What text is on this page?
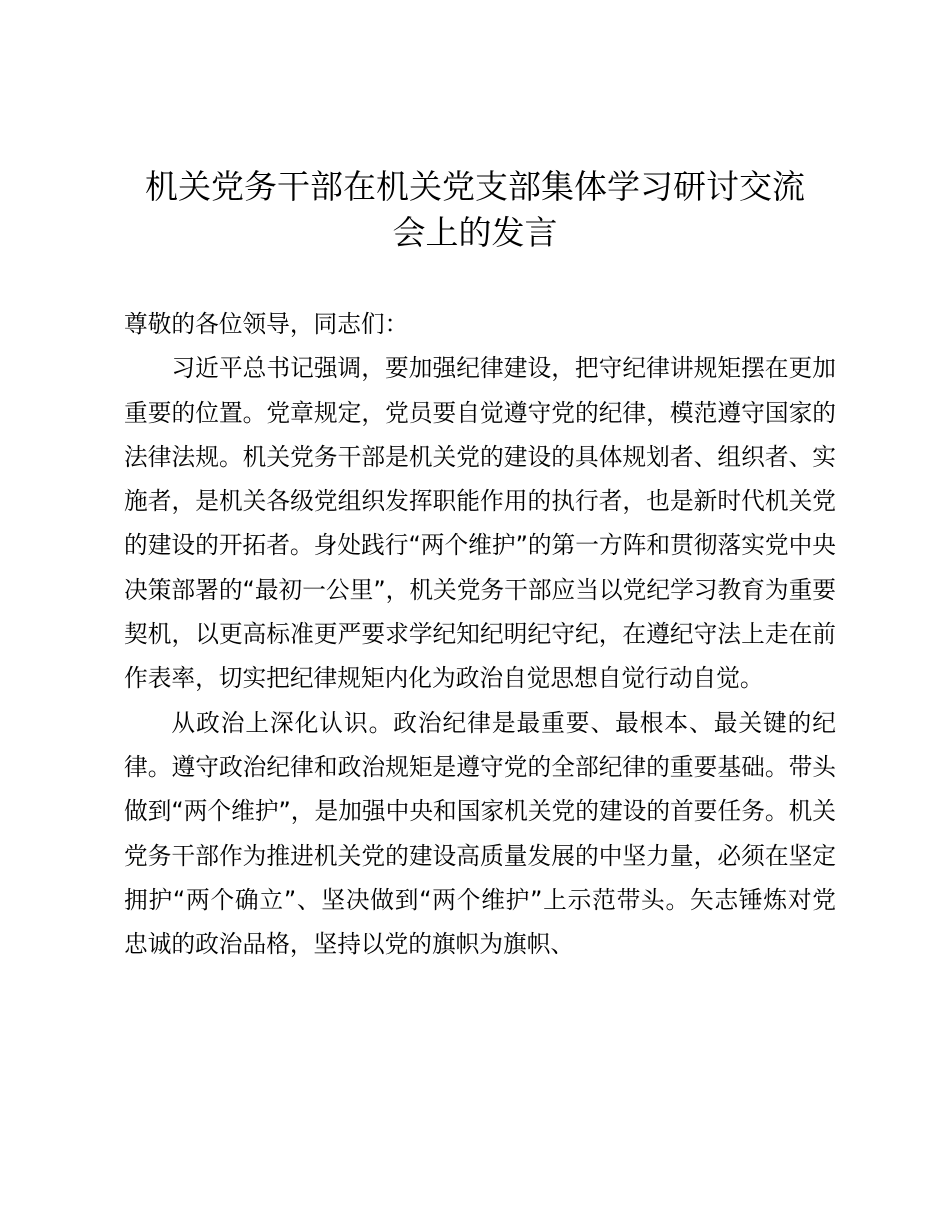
机关党务干部在机关党支部集体学习研讨交流
会上的发言

尊敬的各位领导，同志们：

习近平总书记强调，要加强纪律建设，把守纪律讲规矩摆在更加重要的位置。党章规定，党员要自觉遵守党的纪律，模范遵守国家的法律法规。机关党务干部是机关党的建设的具体规划者、组织者、实施者，是机关各级党组织发挥职能作用的执行者，也是新时代机关党的建设的开拓者。身处践行“两个维护”的第一方阵和贯彻落实党中央决策部署的“最初一公里”，机关党务干部应当以党纪学习教育为重要契机，以更高标准更严要求学纪知纪明纪守纪，在遵纪守法上走在前作表率，切实把纪律规矩内化为政治自觉思想自觉行动自觉。

从政治上深化认识。政治纪律是最重要、最根本、最关键的纪律。遵守政治纪律和政治规矩是遵守党的全部纪律的重要基础。带头做到“两个维护”，是加强中央和国家机关党的建设的首要任务。机关党务干部作为推进机关党的建设高质量发展的中坚力量，必须在坚定拥护“两个确立”、坚决做到“两个维护”上示范带头。矢志锤炼对党忠诚的政治品格，坚持以党的旗帜为旗帜、
